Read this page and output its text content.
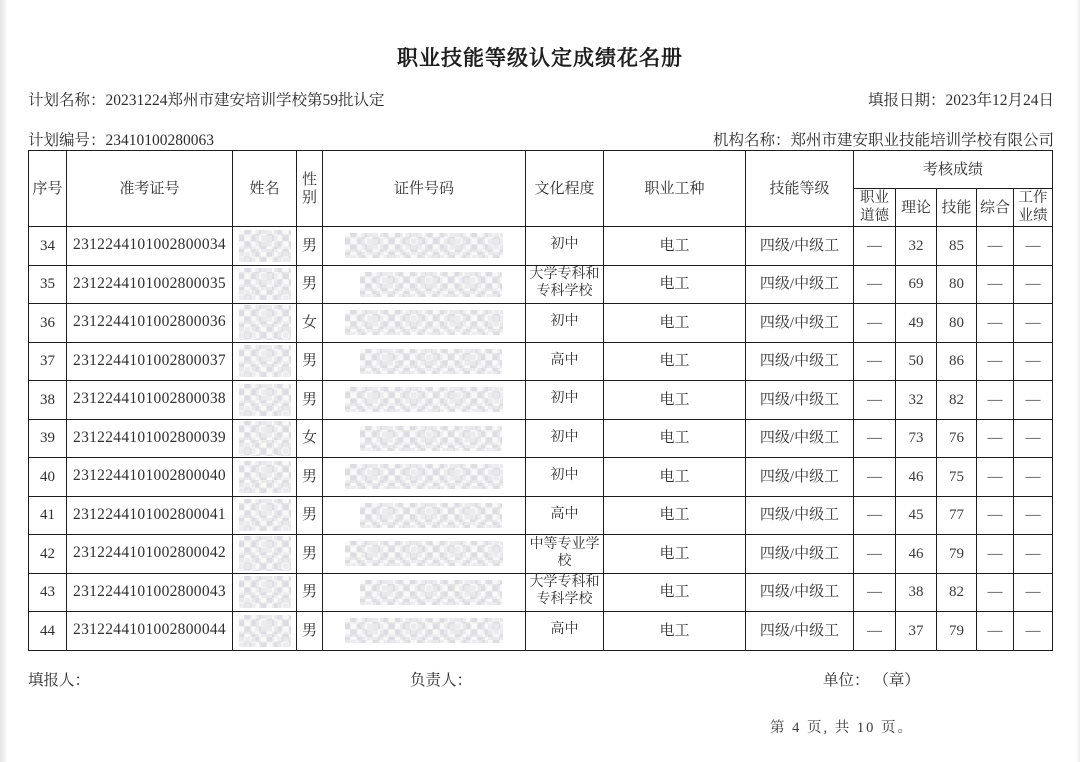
职业技能等级认定成绩花名册
计划名称：20231224郑州市建安培训学校第59批认定	填报日期：2023年12月24日
计划编号：23410100280063	机构名称：郑州市建安职业技能培训学校有限公司
序号	准考证号	姓名	性别	证件号码	文化程度	职业工种	技能等级	考核成绩				
								职业道德	理论	技能	综合	工作业绩
34	2312244101002800034		男		初中	电工	四级/中级工	—	32	85	—	—
35	2312244101002800035		男		大学专科和专科学校	电工	四级/中级工	—	69	80	—	—
36	2312244101002800036		女		初中	电工	四级/中级工	—	49	80	—	—
37	2312244101002800037		男		高中	电工	四级/中级工	—	50	86	—	—
38	2312244101002800038		男		初中	电工	四级/中级工	—	32	82	—	—
39	2312244101002800039		女		初中	电工	四级/中级工	—	73	76	—	—
40	2312244101002800040		男		初中	电工	四级/中级工	—	46	75	—	—
41	2312244101002800041		男		高中	电工	四级/中级工	—	45	77	—	—
42	2312244101002800042		男		中等专业学校	电工	四级/中级工	—	46	79	—	—
43	2312244101002800043		男		大学专科和专科学校	电工	四级/中级工	—	38	82	—	—
44	2312244101002800044		男		高中	电工	四级/中级工	—	37	79	—	—
填报人：	负责人：	单位： （章）
第 4 页, 共 10 页。
